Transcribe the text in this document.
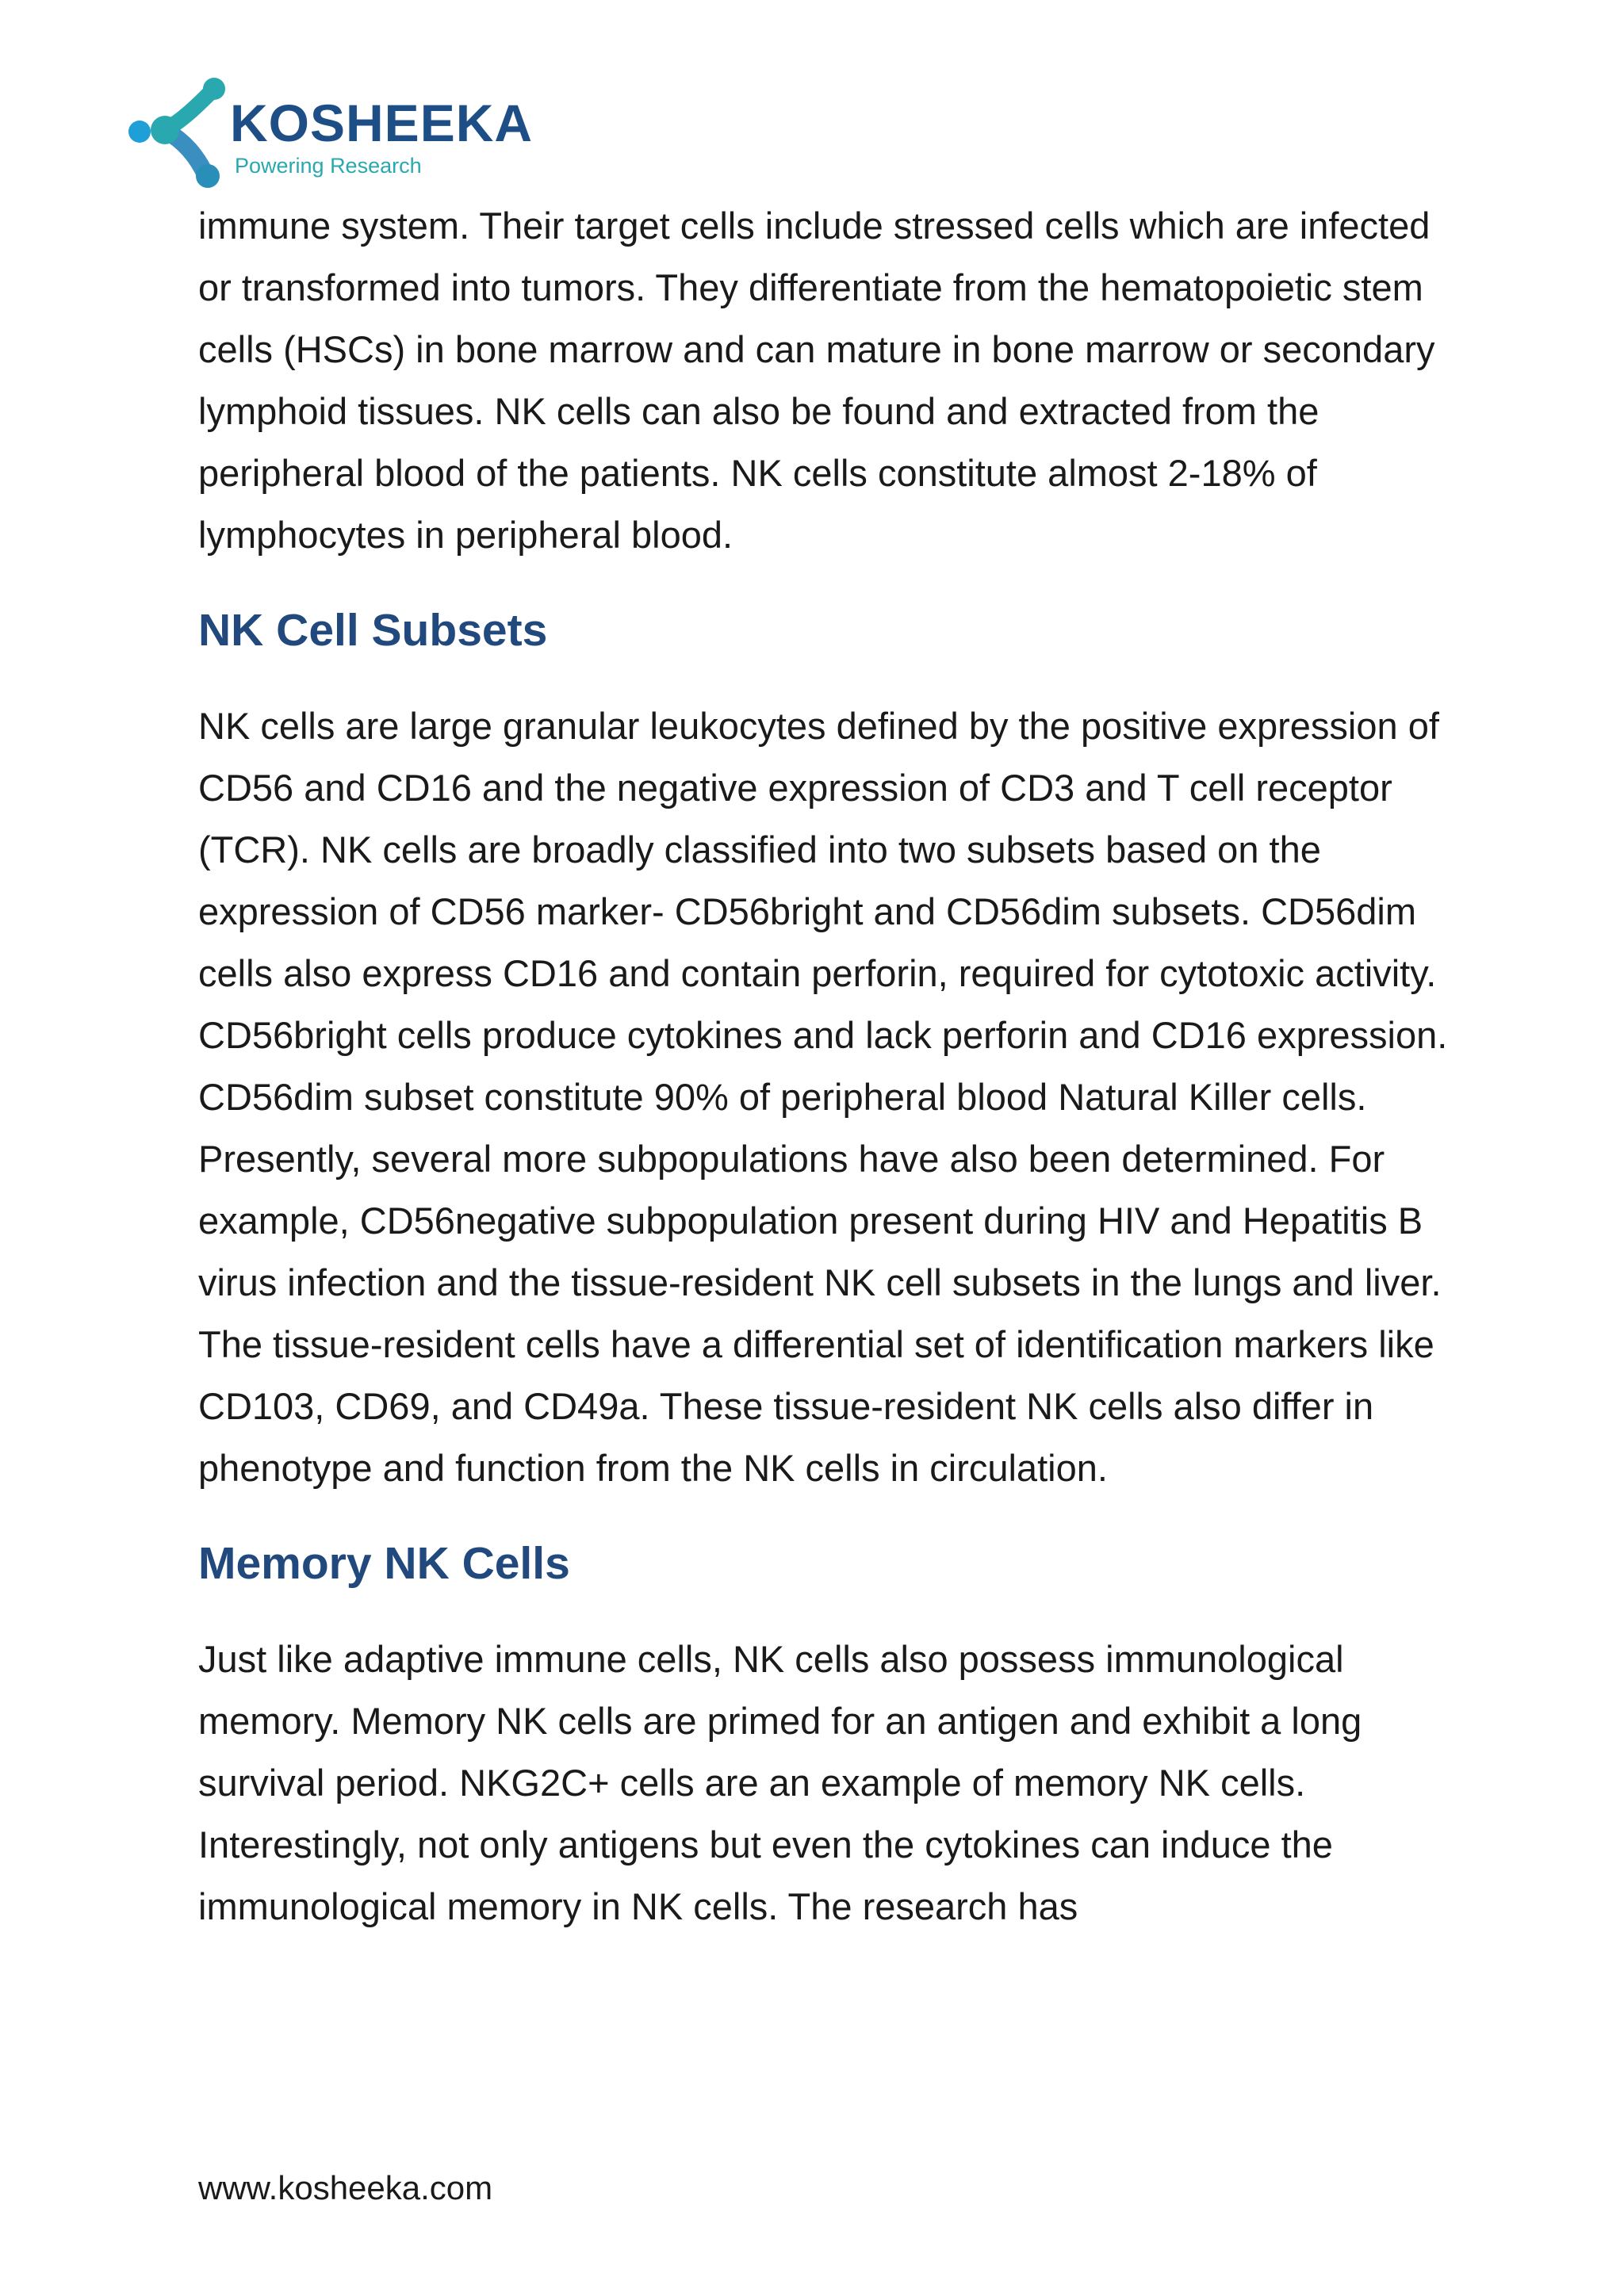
KOSHEEKA
Powering Research

immune system. Their target cells include stressed cells which are infected or transformed into tumors. They differentiate from the hematopoietic stem cells (HSCs) in bone marrow and can mature in bone marrow or secondary lymphoid tissues. NK cells can also be found and extracted from the peripheral blood of the patients. NK cells constitute almost 2-18% of lymphocytes in peripheral blood.

NK Cell Subsets

NK cells are large granular leukocytes defined by the positive expression of CD56 and CD16 and the negative expression of CD3 and T cell receptor (TCR). NK cells are broadly classified into two subsets based on the expression of CD56 marker- CD56bright and CD56dim subsets. CD56dim cells also express CD16 and contain perforin, required for cytotoxic activity. CD56bright cells produce cytokines and lack perforin and CD16 expression. CD56dim subset constitute 90% of peripheral blood Natural Killer cells. Presently, several more subpopulations have also been determined. For example, CD56negative subpopulation present during HIV and Hepatitis B virus infection and the tissue-resident NK cell subsets in the lungs and liver. The tissue-resident cells have a differential set of identification markers like CD103, CD69, and CD49a. These tissue-resident NK cells also differ in phenotype and function from the NK cells in circulation.

Memory NK Cells

Just like adaptive immune cells, NK cells also possess immunological memory. Memory NK cells are primed for an antigen and exhibit a long survival period. NKG2C+ cells are an example of memory NK cells. Interestingly, not only antigens but even the cytokines can induce the immunological memory in NK cells. The research has

www.kosheeka.com
